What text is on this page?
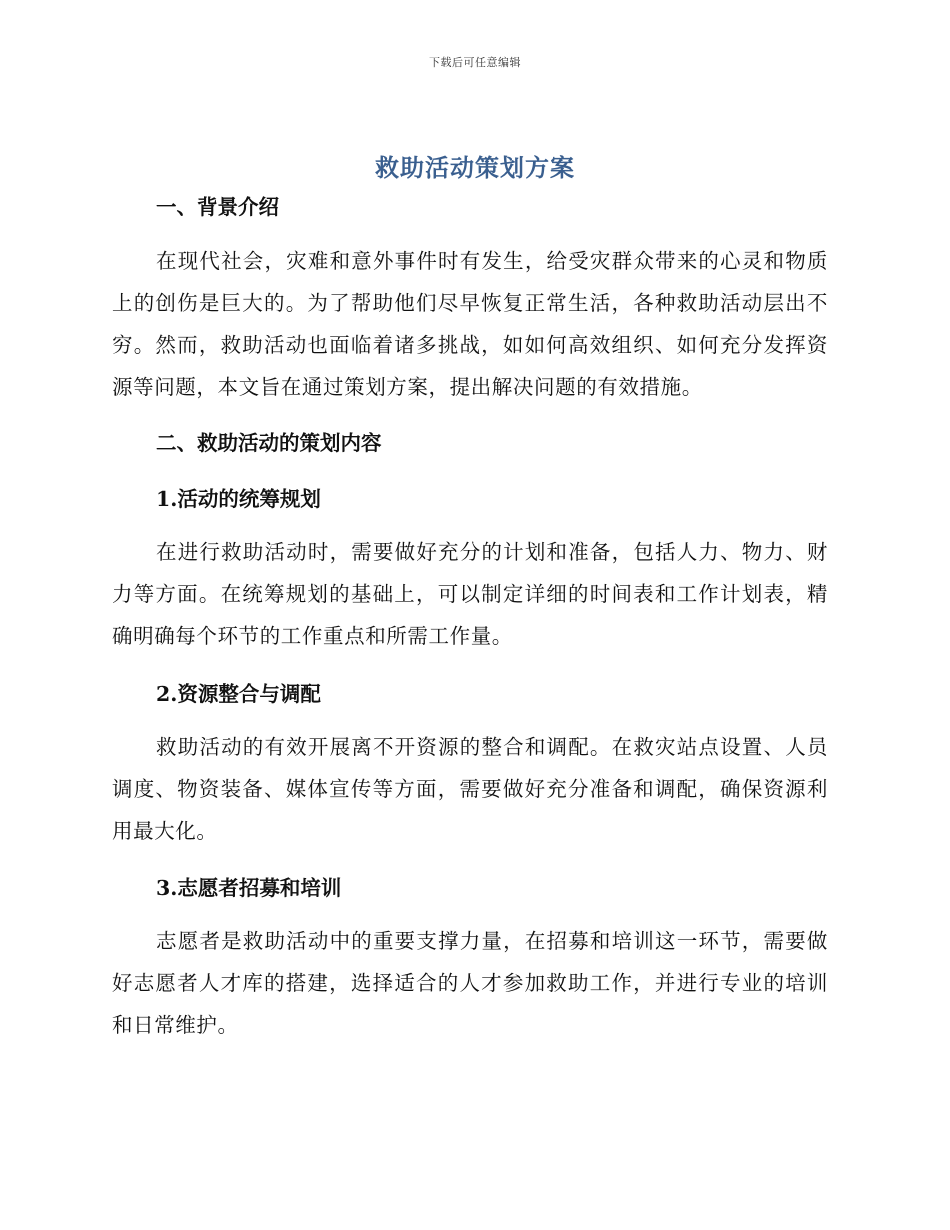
下载后可任意编辑
救助活动策划方案
一、背景介绍
在现代社会，灾难和意外事件时有发生，给受灾群众带来的心灵和物质上的创伤是巨大的。为了帮助他们尽早恢复正常生活，各种救助活动层出不穷。然而，救助活动也面临着诸多挑战，如如何高效组织、如何充分发挥资源等问题，本文旨在通过策划方案，提出解决问题的有效措施。
二、救助活动的策划内容
1.活动的统筹规划
在进行救助活动时，需要做好充分的计划和准备，包括人力、物力、财力等方面。在统筹规划的基础上，可以制定详细的时间表和工作计划表，精确明确每个环节的工作重点和所需工作量。
2.资源整合与调配
救助活动的有效开展离不开资源的整合和调配。在救灾站点设置、人员调度、物资装备、媒体宣传等方面，需要做好充分准备和调配，确保资源利用最大化。
3.志愿者招募和培训
志愿者是救助活动中的重要支撑力量，在招募和培训这一环节，需要做好志愿者人才库的搭建，选择适合的人才参加救助工作，并进行专业的培训和日常维护。
